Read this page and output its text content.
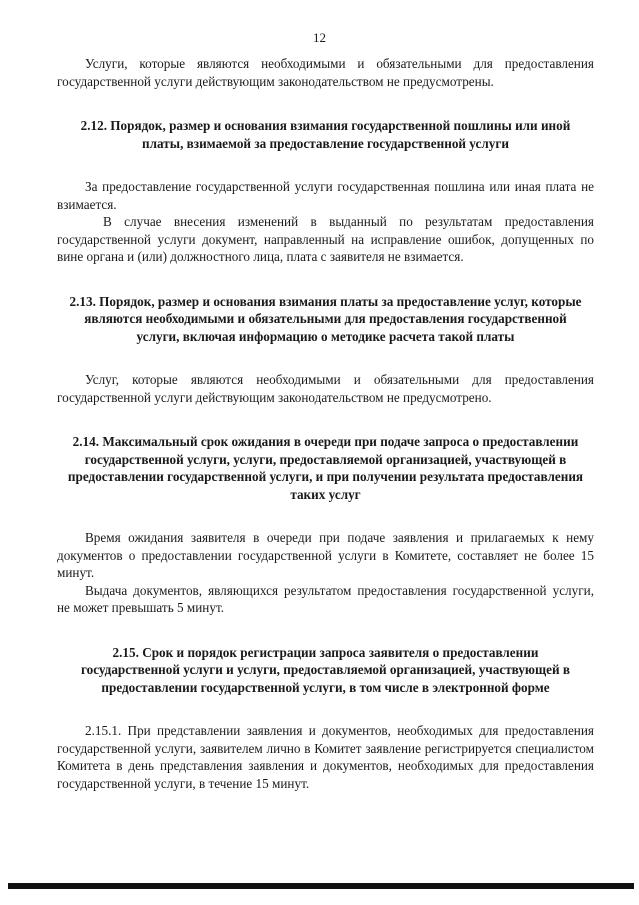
12

Услуги, которые являются необходимыми и обязательными для предоставления государственной услуги действующим законодательством не предусмотрены.

2.12. Порядок, размер и основания взимания государственной пошлины или иной платы, взимаемой за предоставление государственной услуги

За предоставление государственной услуги государственная пошлина или иная плата не взимается.

В случае внесения изменений в выданный по результатам предоставления государственной услуги документ, направленный на исправление ошибок, допущенных по вине органа и (или) должностного лица, плата с заявителя не взимается.

2.13. Порядок, размер и основания взимания платы за предоставление услуг, которые являются необходимыми и обязательными для предоставления государственной услуги, включая информацию о методике расчета такой платы

Услуг, которые являются необходимыми и обязательными для предоставления государственной услуги действующим законодательством не предусмотрено.

2.14. Максимальный срок ожидания в очереди при подаче запроса о предоставлении государственной услуги, услуги, предоставляемой организацией, участвующей в предоставлении государственной услуги, и при получении результата предоставления таких услуг

Время ожидания заявителя в очереди при подаче заявления и прилагаемых к нему документов о предоставлении государственной услуги в Комитете, составляет не более 15 минут.

Выдача документов, являющихся результатом предоставления государственной услуги, не может превышать 5 минут.

2.15. Срок и порядок регистрации запроса заявителя о предоставлении государственной услуги и услуги, предоставляемой организацией, участвующей в предоставлении государственной услуги, в том числе в электронной форме

2.15.1. При представлении заявления и документов, необходимых для предоставления государственной услуги, заявителем лично в Комитет заявление регистрируется специалистом Комитета в день представления заявления и документов, необходимых для предоставления государственной услуги, в течение 15 минут.
